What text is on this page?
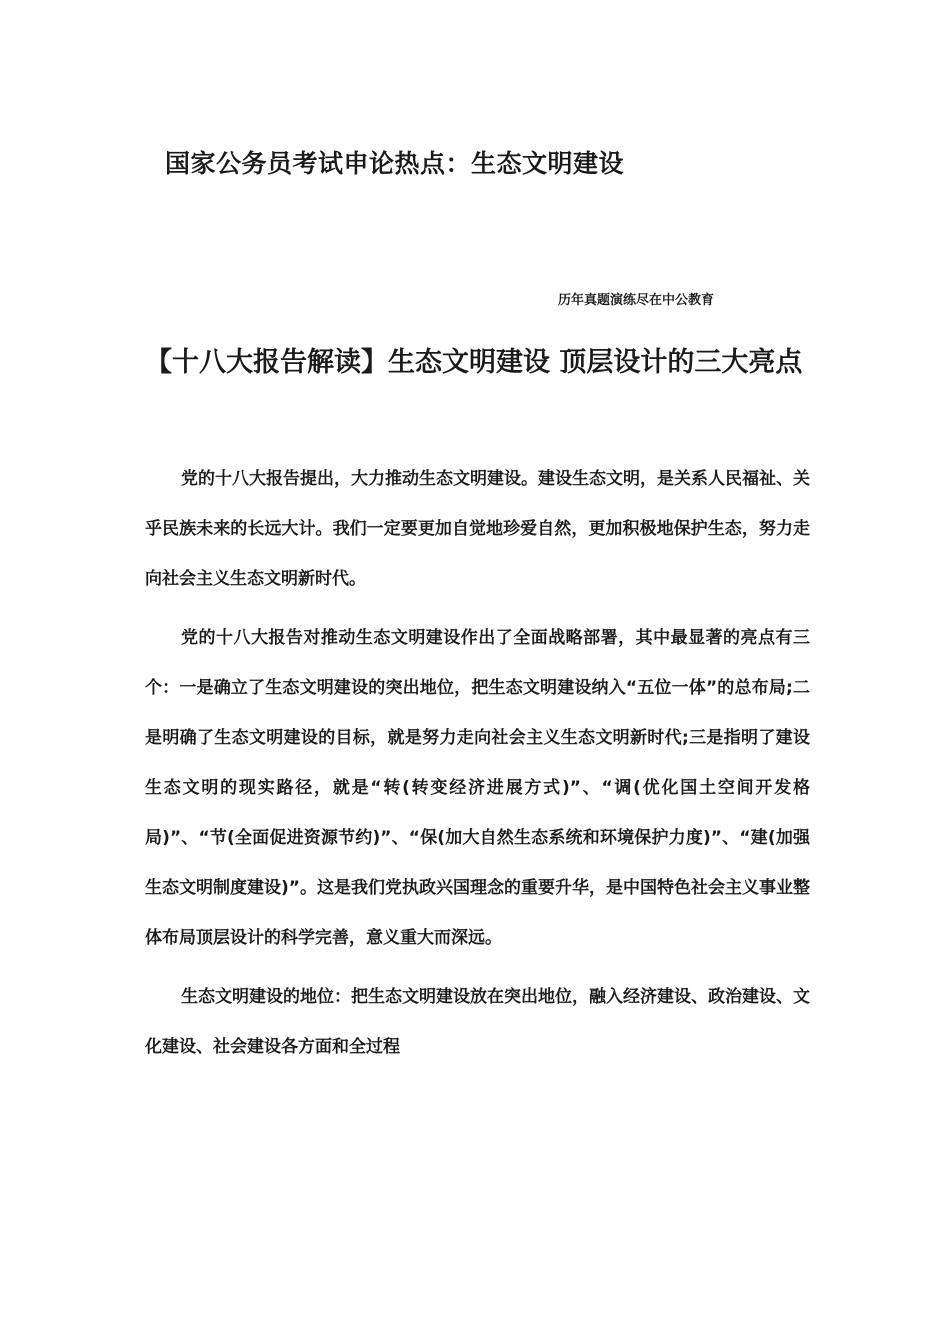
国家公务员考试申论热点：生态文明建设
历年真题演练尽在中公教育
【十八大报告解读】生态文明建设 顶层设计的三大亮点

党的十八大报告提出，大力推动生态文明建设。建设生态文明，是关系人民福祉、关乎民族未来的长远大计。我们一定要更加自觉地珍爱自然，更加积极地保护生态，努力走向社会主义生态文明新时代。

党的十八大报告对推动生态文明建设作出了全面战略部署，其中最显著的亮点有三个：一是确立了生态文明建设的突出地位，把生态文明建设纳入“五位一体”的总布局;二是明确了生态文明建设的目标，就是努力走向社会主义生态文明新时代;三是指明了建设生态文明的现实路径，就是“转(转变经济进展方式)”、“调(优化国土空间开发格局)”、“节(全面促进资源节约)”、“保(加大自然生态系统和环境保护力度)”、“建(加强生态文明制度建设)”。这是我们党执政兴国理念的重要升华，是中国特色社会主义事业整体布局顶层设计的科学完善，意义重大而深远。

生态文明建设的地位：把生态文明建设放在突出地位，融入经济建设、政治建设、文化建设、社会建设各方面和全过程
